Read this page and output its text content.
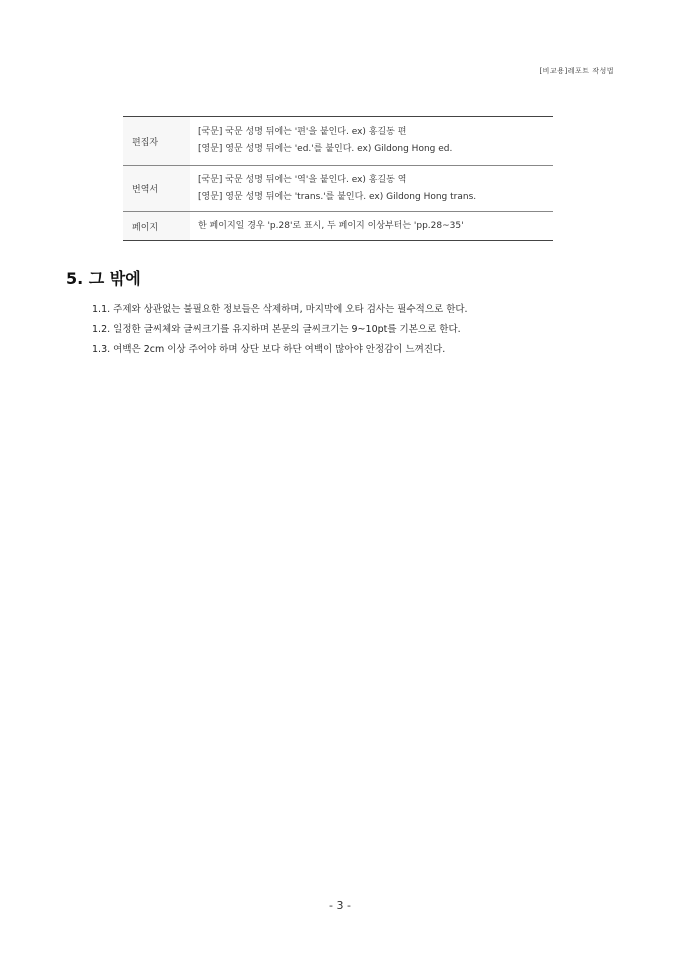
[비교용]레포트 작성법
편집자	[국문] 국문 성명 뒤에는 '편'을 붙인다. ex) 홍길동 편
[영문] 영문 성명 뒤에는 'ed.'를 붙인다. ex) Gildong Hong ed.

번역서	[국문] 국문 성명 뒤에는 '역'을 붙인다. ex) 홍길동 역
[영문] 영문 성명 뒤에는 'trans.'를 붙인다. ex) Gildong Hong trans.

페이지	한 페이지일 경우 'p.28'로 표시, 두 페이지 이상부터는 'pp.28~35'
5. 그 밖에
1.1. 주제와 상관없는 불필요한 정보들은 삭제하며, 마지막에 오타 검사는 필수적으로 한다.
1.2. 일정한 글씨체와 글씨크기를 유지하며 본문의 글씨크기는 9~10pt를 기본으로 한다.
1.3. 여백은 2cm 이상 주어야 하며 상단 보다 하단 여백이 많아야 안정감이 느껴진다.
- 3 -
